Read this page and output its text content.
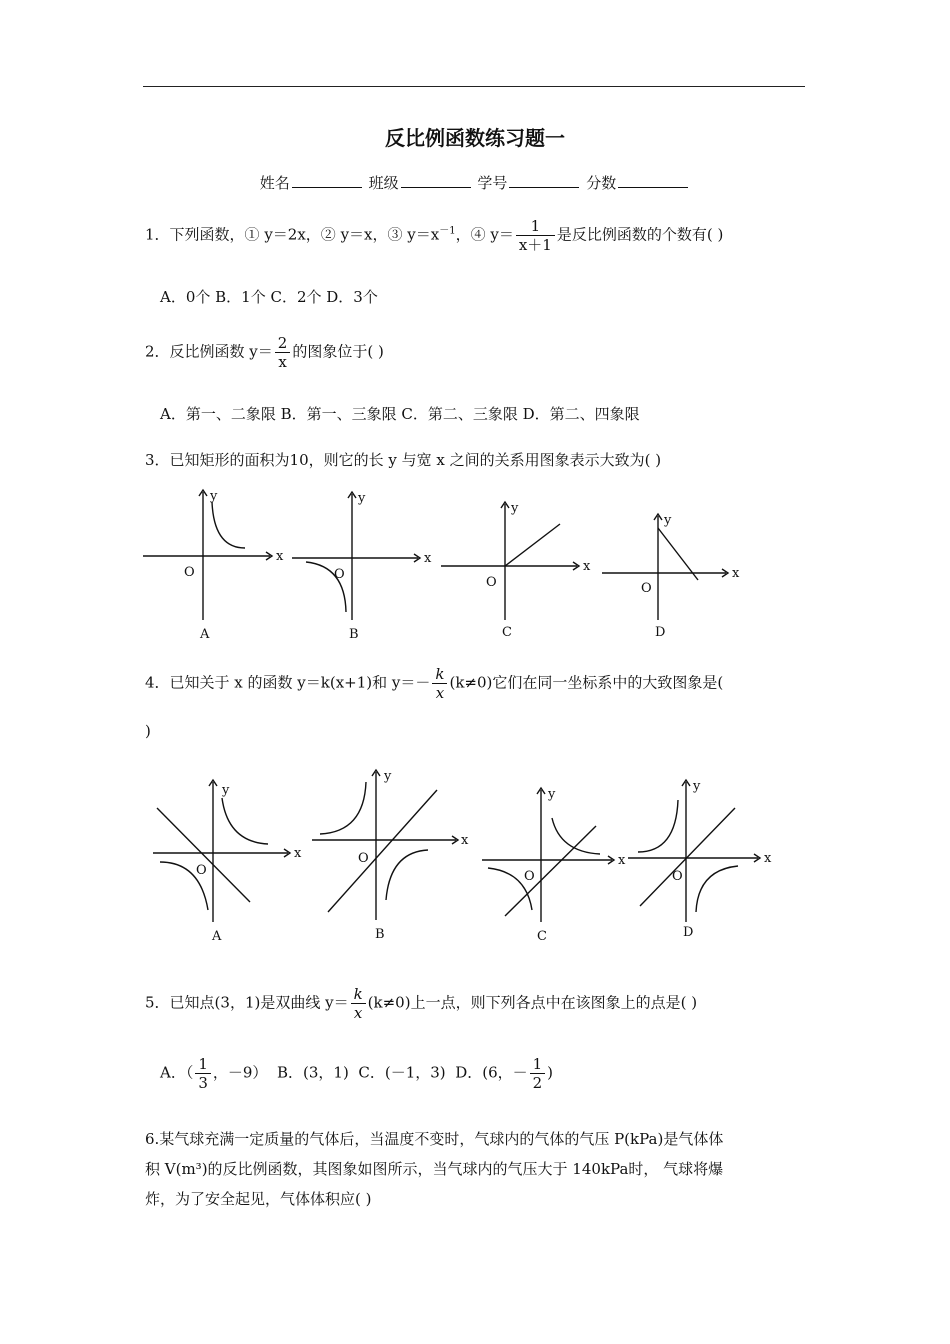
反比例函数练习题一
姓名	班级	学号	分数
1．下列函数，① y＝2x，② y＝x，③ $y=x^{-1}$，④ $y= \frac{1}{x+1}$ 是反比例函数的个数有( )
A．0个 B．1个 C．2个 D．3个
2．反比例函数 $y= \frac{2}{x}$ 的图象位于( )
A．第一、二象限 B．第一、三象限 C．第二、三象限 D．第二、四象限
3．已知矩形的面积为10，则它的长 y 与宽 x 之间的关系用图象表示大致为( )
x
y
O
A
x
y
O
B
x
y
O
C
x
y
O
D
4．已知关于 x 的函数 y＝k(x+1)和 $y=- \frac{k}{x} (k\ne 0)$它们在同一坐标系中的大致图象是(
)
x
y
O
A
x
y
O
B
x
y
O
C
x
y
O
D
5．已知点(3，1)是双曲线 $y= \frac{k}{x} (k\ne 0)$上一点，则下列各点中在该图象上的点是( )
A．（ $\frac{1}{3}$ ，－9） B．(3，1) C．(－1，3) D．(6，－ $\frac{1}{2}$ )
6.某气球充满一定质量的气体后，当温度不变时，气球内的气体的气压 P(kPa)是气体体
积 V(m³)的反比例函数，其图象如图所示，当气球内的气压大于 140kPa时， 气球将爆
炸，为了安全起见，气体体积应( )
